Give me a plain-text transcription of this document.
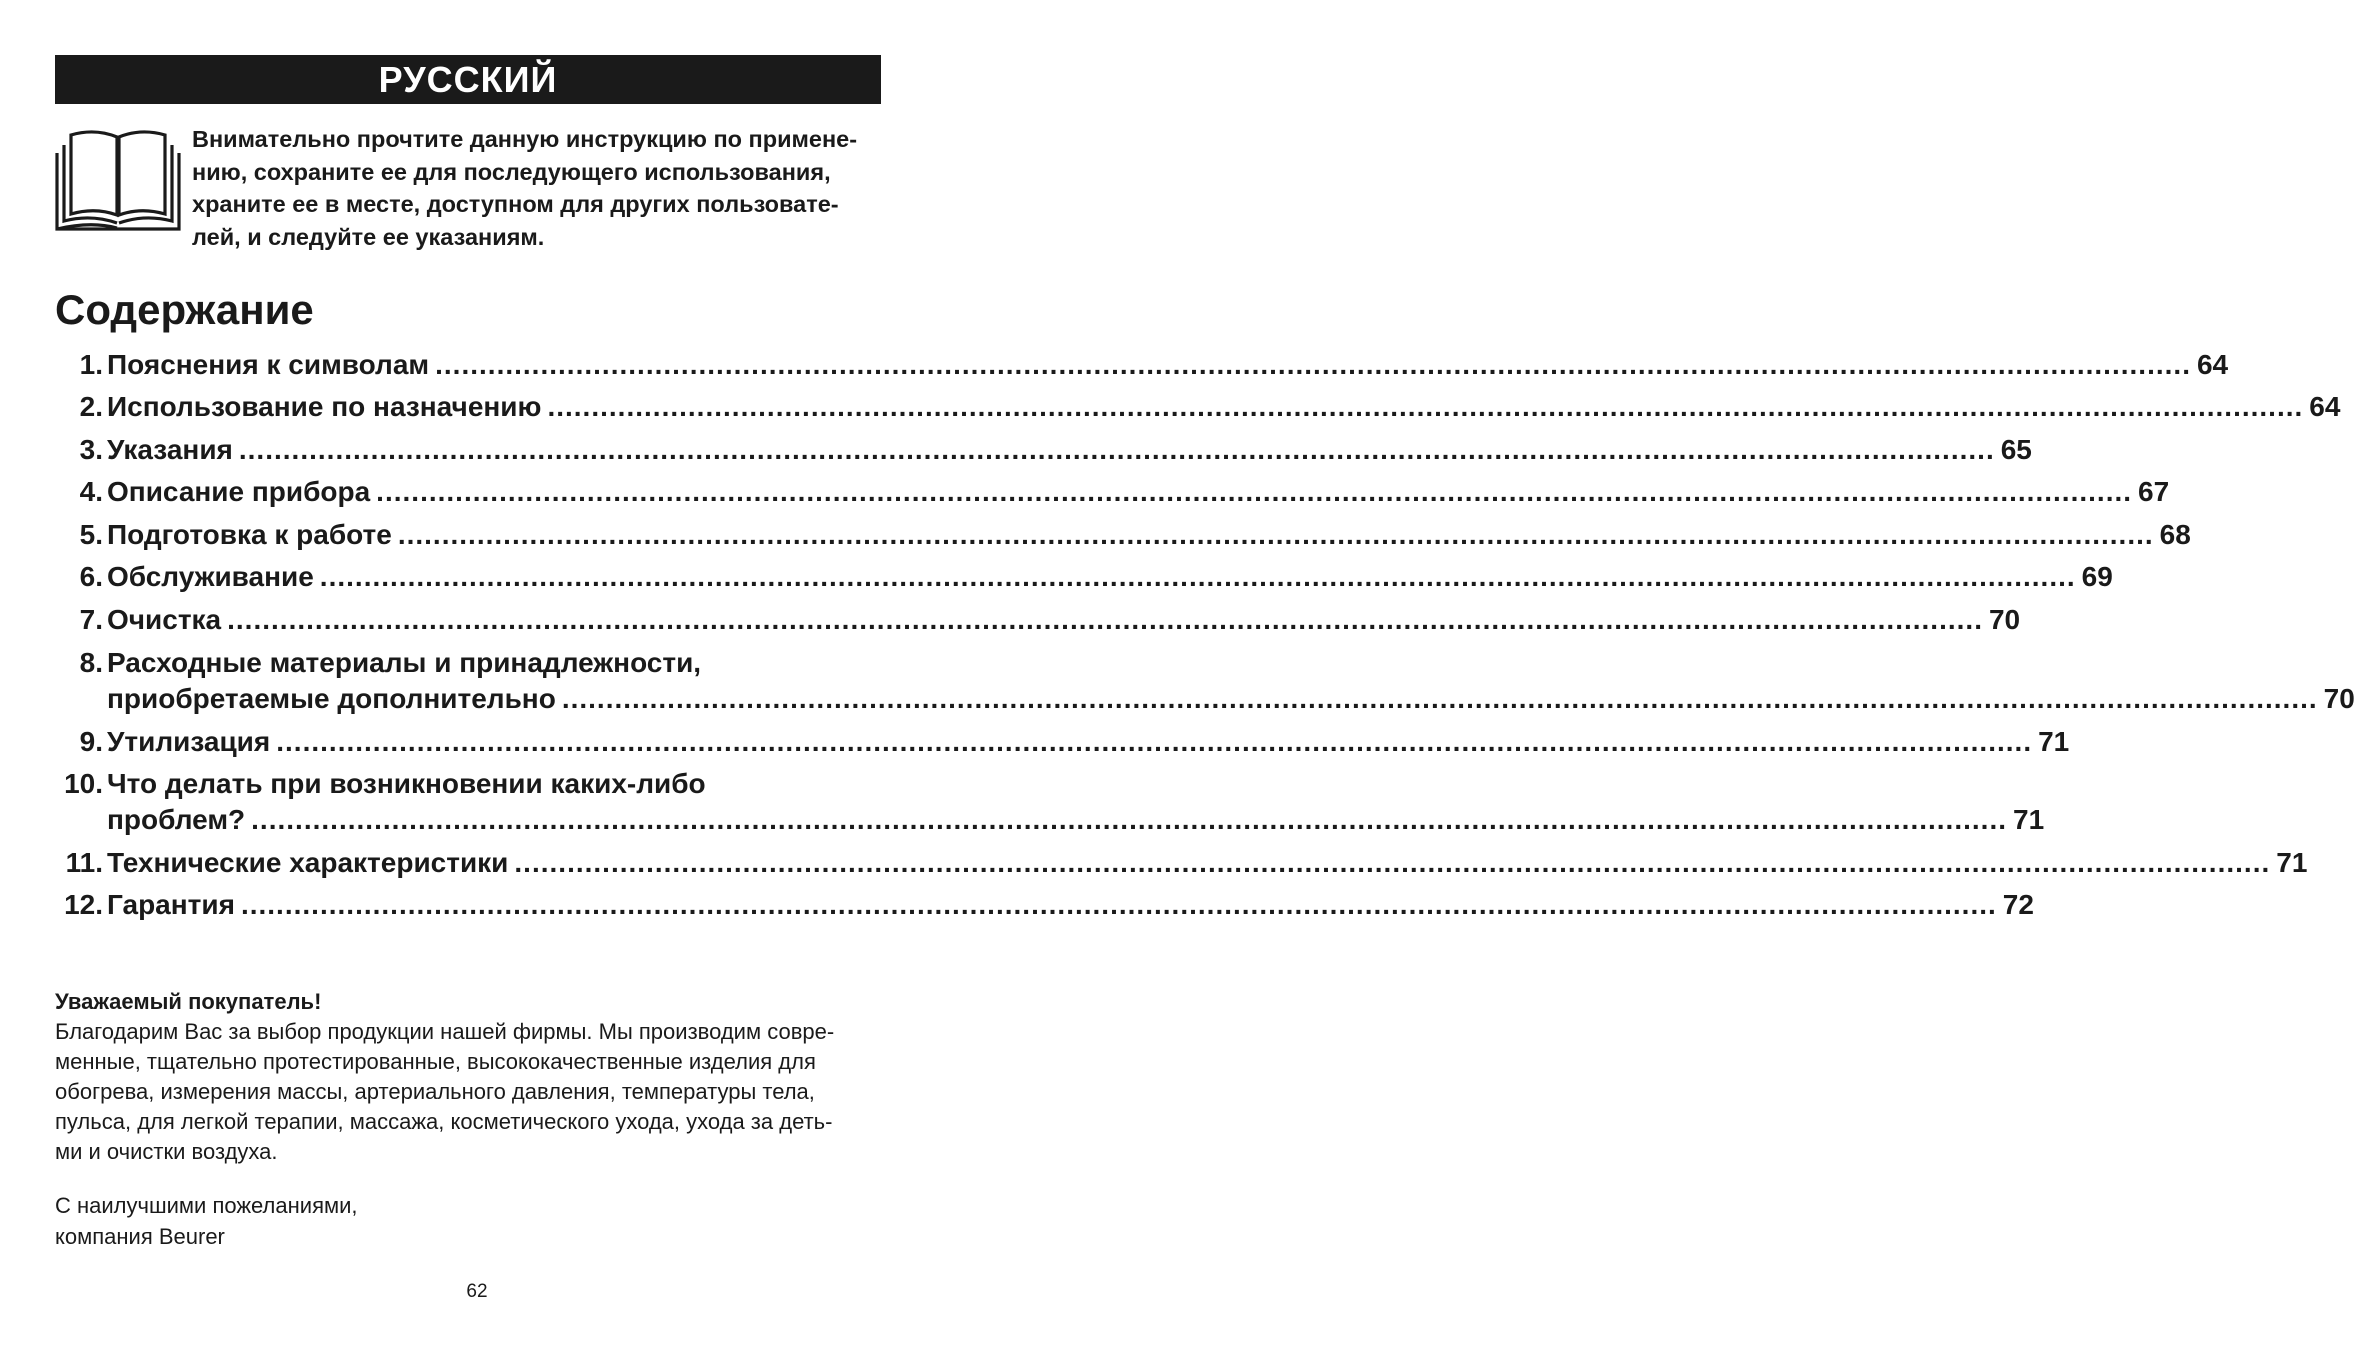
РУССКИЙ
Внимательно прочтите данную инструкцию по примене-
нию, сохраните ее для последующего использования,
храните ее в месте, доступном для других пользовате-
лей, и следуйте ее указаниям.
Содержание
1. Пояснения к символам ........................................................................................................................................................................................................ 64
2. Использование по назначению ........................................................................................................................................................................................................ 64
3. Указания ........................................................................................................................................................................................................ 65
4. Описание прибора ........................................................................................................................................................................................................ 67
5. Подготовка к работе ........................................................................................................................................................................................................ 68
6. Обслуживание ........................................................................................................................................................................................................ 69
7. Очистка ........................................................................................................................................................................................................ 70
8. Расходные материалы и принадлежности,
приобретаемые дополнительно ........................................................................................................................................................................................................ 70
9. Утилизация ........................................................................................................................................................................................................ 71
10. Что делать при возникновении каких-либо
проблем? ........................................................................................................................................................................................................ 71
11. Технические характеристики ........................................................................................................................................................................................................ 71
12. Гарантия ........................................................................................................................................................................................................ 72
Уважаемый покупатель!
Благодарим Вас за выбор продукции нашей фирмы. Мы производим совре-
менные, тщательно протестированные, высококачественные изделия для
обогрева, измерения массы, артериального давления, температуры тела,
пульса, для легкой терапии, массажа, косметического ухода, ухода за деть-
ми и очистки воздуха.
С наилучшими пожеланиями,
компания Beurer
62
